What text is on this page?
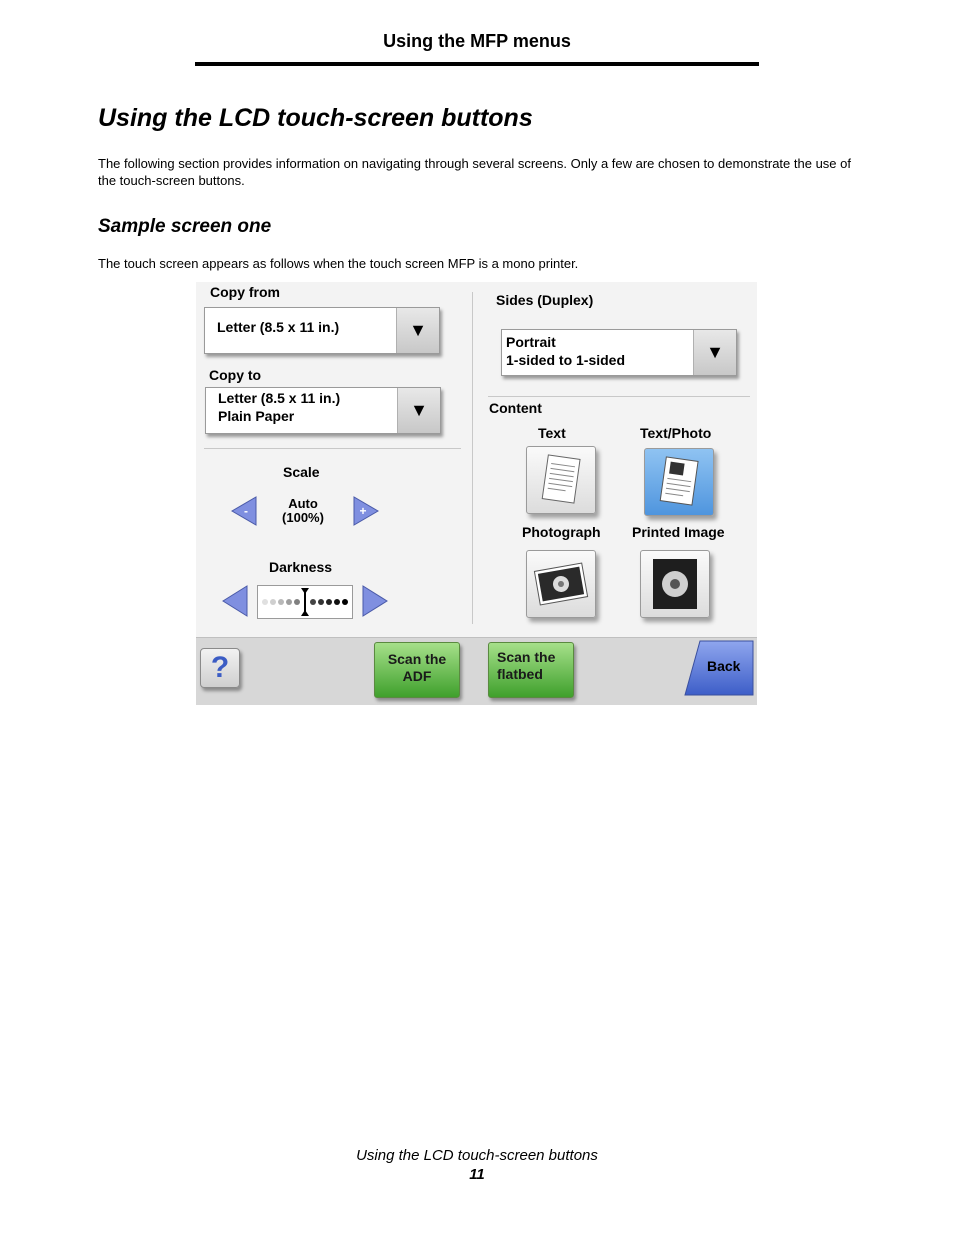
Using the MFP menus
Using the LCD touch-screen buttons
The following section provides information on navigating through several screens. Only a few are chosen to demonstrate the use of the touch-screen buttons.
Sample screen one
The touch screen appears as follows when the touch screen MFP is a mono printer.
Copy from
Letter (8.5 x 11 in.)	▼
Copy to
Letter (8.5 x 11 in.)
Plain Paper	▼
Scale
-	Auto
(100%)	+
Darkness
Sides (Duplex)
Portrait
1-sided to 1-sided	▼
Content
Text	Text/Photo
Photograph Printed Image
?	Scan the
ADF
Scan the
flatbed	Back
Using the LCD touch-screen buttons
11
